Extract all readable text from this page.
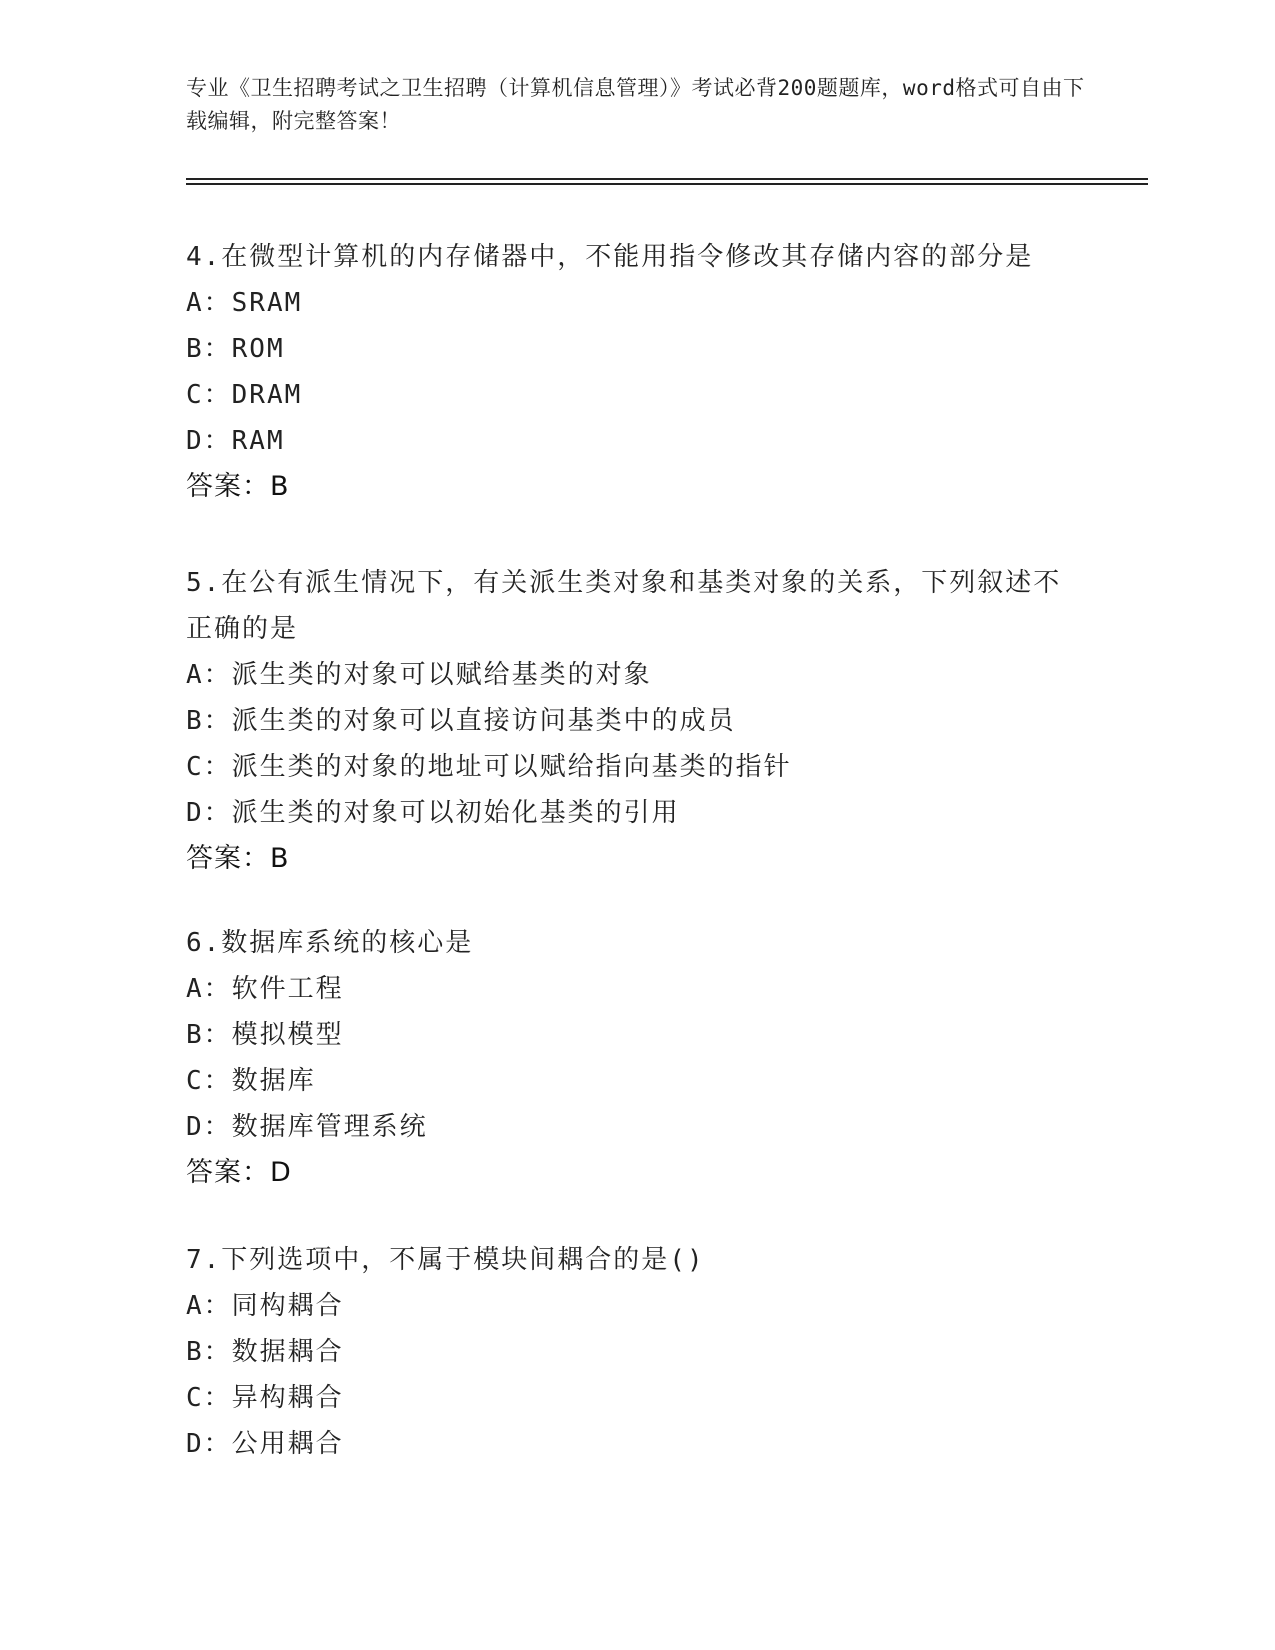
专业《卫生招聘考试之卫生招聘（计算机信息管理）》考试必背200题题库，word格式可自由下载编辑，附完整答案！
4.在微型计算机的内存储器中，不能用指令修改其存储内容的部分是
A：SRAM
B：ROM
C：DRAM
D：RAM
答案：B
5.在公有派生情况下，有关派生类对象和基类对象的关系，下列叙述不正确的是
A：派生类的对象可以赋给基类的对象
B：派生类的对象可以直接访问基类中的成员
C：派生类的对象的地址可以赋给指向基类的指针
D：派生类的对象可以初始化基类的引用
答案：B
6.数据库系统的核心是
A：软件工程
B：模拟模型
C：数据库
D：数据库管理系统
答案：D
7.下列选项中，不属于模块间耦合的是()
A：同构耦合
B：数据耦合
C：异构耦合
D：公用耦合
